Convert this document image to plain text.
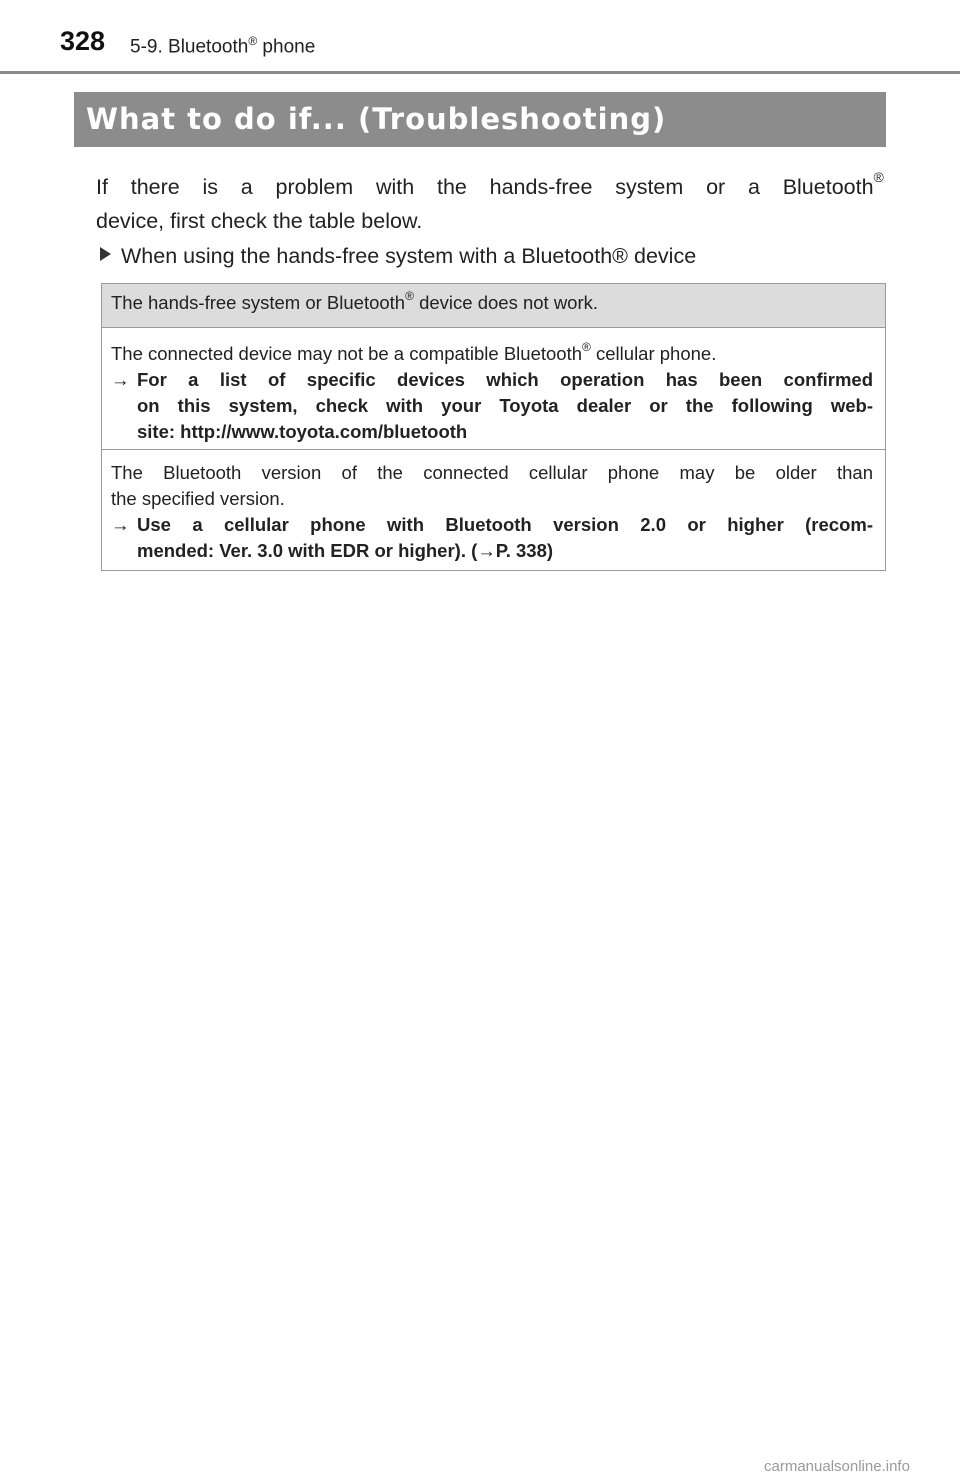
328 5-9. Bluetooth® phone
What to do if... (Troubleshooting)
If there is a problem with the hands-free system or a Bluetooth®
device, first check the table below.
When using the hands-free system with a Bluetooth® device
The hands-free system or Bluetooth® device does not work.
The connected device may not be a compatible Bluetooth® cellular phone.
→ For a list of specific devices which operation has been confirmed
on this system, check with your Toyota dealer or the following web-
site: http://www.toyota.com/bluetooth
The Bluetooth version of the connected cellular phone may be older than
the specified version.
→ Use a cellular phone with Bluetooth version 2.0 or higher (recom-
mended: Ver. 3.0 with EDR or higher). (→P. 338)
carmanualsonline.info
